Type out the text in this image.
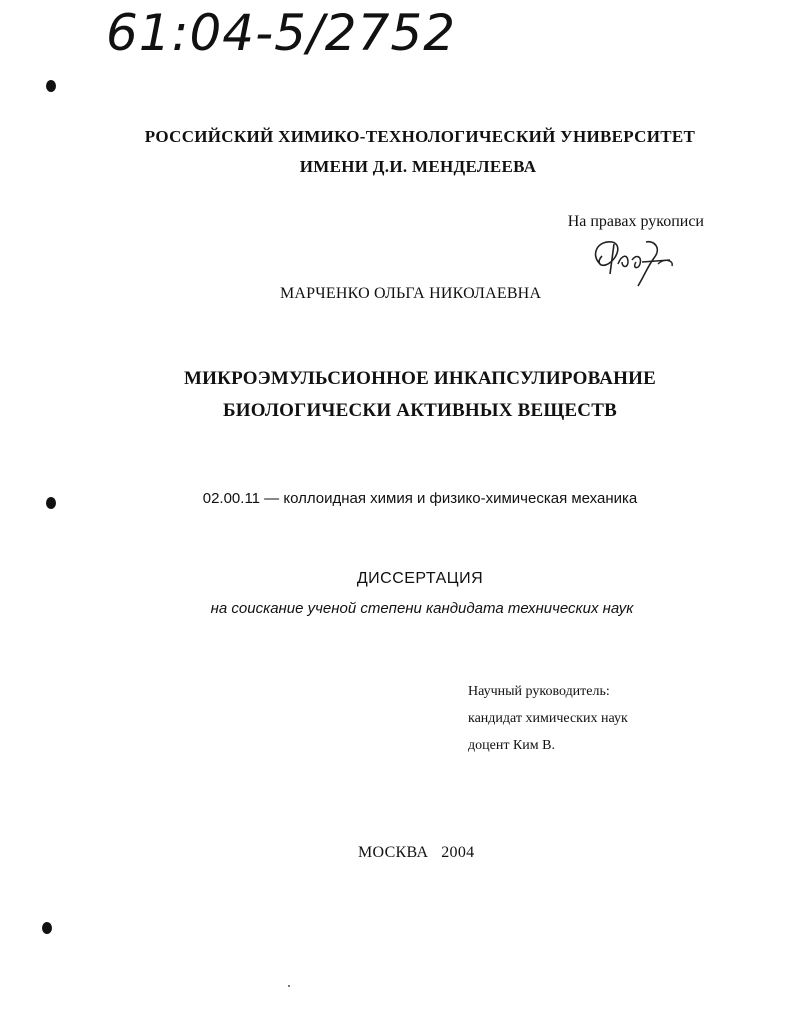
61:04-5/2752
РОССИЙСКИЙ ХИМИКО-ТЕХНОЛОГИЧЕСКИЙ УНИВЕРСИТЕТ
ИМЕНИ Д.И. МЕНДЕЛЕЕВА
На правах рукописи
МАРЧЕНКО ОЛЬГА НИКОЛАЕВНА
МИКРОЭМУЛЬСИОННОЕ ИНКАПСУЛИРОВАНИЕ
БИОЛОГИЧЕСКИ АКТИВНЫХ ВЕЩЕСТВ
02.00.11 — коллоидная химия и физико-химическая механика
ДИССЕРТАЦИЯ
на соискание ученой степени кандидата технических наук
Научный руководитель:
кандидат химических наук
доцент Ким В.
МОСКВА   2004
